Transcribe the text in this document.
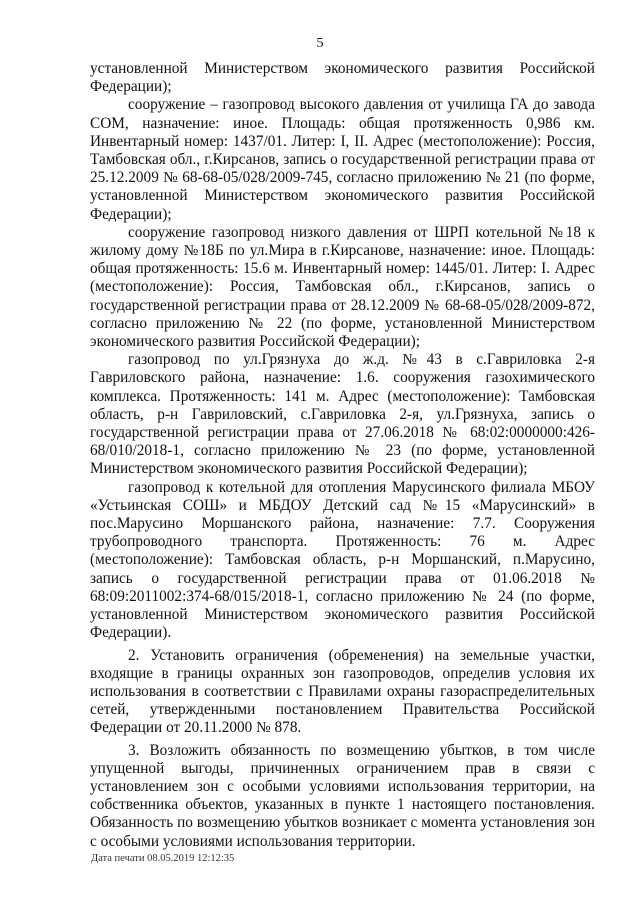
5

установленной Министерством экономического развития Российской Федерации);

сооружение – газопровод высокого давления от училища ГА до завода СОМ, назначение: иное. Площадь: общая протяженность 0,986 км. Инвентарный номер: 1437/01. Литер: I, II. Адрес (местоположение): Россия, Тамбовская обл., г.Кирсанов, запись о государственной регистрации права от 25.12.2009 № 68-68-05/028/2009-745, согласно приложению № 21 (по форме, установленной Министерством экономического развития Российской Федерации);

сооружение газопровод низкого давления от ШРП котельной №18 к жилому дому №18Б по ул.Мира в г.Кирсанове, назначение: иное. Площадь: общая протяженность: 15.6 м. Инвентарный номер: 1445/01. Литер: I. Адрес (местоположение): Россия, Тамбовская обл., г.Кирсанов, запись о государственной регистрации права от 28.12.2009 № 68-68-05/028/2009-872, согласно приложению № 22 (по форме, установленной Министерством экономического развития Российской Федерации);

газопровод по ул.Грязнуха до ж.д. №43 в с.Гавриловка 2-я Гавриловского района, назначение: 1.6. сооружения газохимического комплекса. Протяженность: 141 м. Адрес (местоположение): Тамбовская область, р-н Гавриловский, с.Гавриловка 2-я, ул.Грязнуха, запись о государственной регистрации права от 27.06.2018 № 68:02:0000000:426-68/010/2018-1, согласно приложению № 23 (по форме, установленной Министерством экономического развития Российской Федерации);

газопровод к котельной для отопления Марусинского филиала МБОУ «Устьинская СОШ» и МБДОУ Детский сад №15 «Марусинский» в пос.Марусино Моршанского района, назначение: 7.7. Сооружения трубопроводного транспорта. Протяженность: 76 м. Адрес (местоположение): Тамбовская область, р-н Моршанский, п.Марусино, запись о государственной регистрации права от 01.06.2018 № 68:09:2011002:374-68/015/2018-1, согласно приложению № 24 (по форме, установленной Министерством экономического развития Российской Федерации).

2. Установить ограничения (обременения) на земельные участки, входящие в границы охранных зон газопроводов, определив условия их использования в соответствии с Правилами охраны газораспределительных сетей, утвержденными постановлением Правительства Российской Федерации от 20.11.2000 № 878.

3. Возложить обязанность по возмещению убытков, в том числе упущенной выгоды, причиненных ограничением прав в связи с установлением зон с особыми условиями использования территории, на собственника объектов, указанных в пункте 1 настоящего постановления. Обязанность по возмещению убытков возникает с момента установления зон с особыми условиями использования территории.

Дата печати 08.05.2019 12:12:35
